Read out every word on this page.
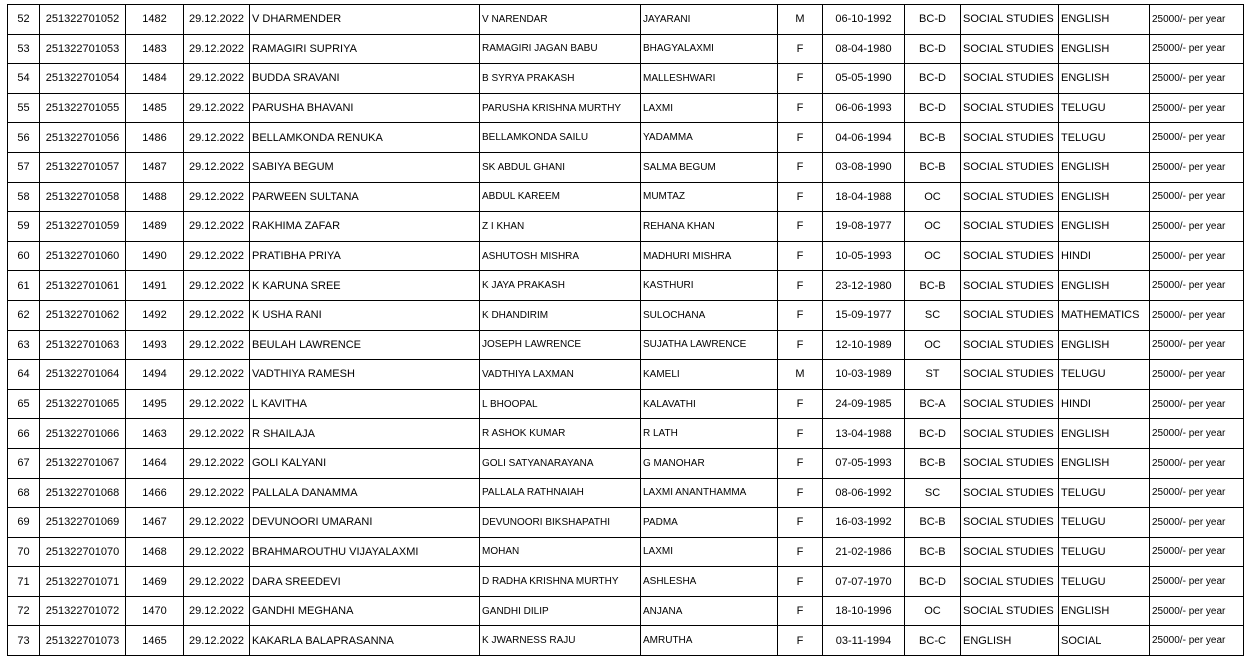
52	251322701052	1482	29.12.2022	V DHARMENDER	V NARENDAR	JAYARANI	M	06-10-1992	BC-D	SOCIAL STUDIES	ENGLISH	25000/- per year
53	251322701053	1483	29.12.2022	RAMAGIRI SUPRIYA	RAMAGIRI JAGAN BABU	BHAGYALAXMI	F	08-04-1980	BC-D	SOCIAL STUDIES	ENGLISH	25000/- per year
54	251322701054	1484	29.12.2022	BUDDA SRAVANI	B SYRYA PRAKASH	MALLESHWARI	F	05-05-1990	BC-D	SOCIAL STUDIES	ENGLISH	25000/- per year
55	251322701055	1485	29.12.2022	PARUSHA BHAVANI	PARUSHA KRISHNA MURTHY	LAXMI	F	06-06-1993	BC-D	SOCIAL STUDIES	TELUGU	25000/- per year
56	251322701056	1486	29.12.2022	BELLAMKONDA RENUKA	BELLAMKONDA SAILU	YADAMMA	F	04-06-1994	BC-B	SOCIAL STUDIES	TELUGU	25000/- per year
57	251322701057	1487	29.12.2022	SABIYA BEGUM	SK ABDUL GHANI	SALMA BEGUM	F	03-08-1990	BC-B	SOCIAL STUDIES	ENGLISH	25000/- per year
58	251322701058	1488	29.12.2022	PARWEEN SULTANA	ABDUL KAREEM	MUMTAZ	F	18-04-1988	OC	SOCIAL STUDIES	ENGLISH	25000/- per year
59	251322701059	1489	29.12.2022	RAKHIMA ZAFAR	Z I KHAN	REHANA KHAN	F	19-08-1977	OC	SOCIAL STUDIES	ENGLISH	25000/- per year
60	251322701060	1490	29.12.2022	PRATIBHA PRIYA	ASHUTOSH MISHRA	MADHURI MISHRA	F	10-05-1993	OC	SOCIAL STUDIES	HINDI	25000/- per year
61	251322701061	1491	29.12.2022	K KARUNA SREE	K JAYA PRAKASH	KASTHURI	F	23-12-1980	BC-B	SOCIAL STUDIES	ENGLISH	25000/- per year
62	251322701062	1492	29.12.2022	K USHA RANI	K DHANDIRIM	SULOCHANA	F	15-09-1977	SC	SOCIAL STUDIES	MATHEMATICS	25000/- per year
63	251322701063	1493	29.12.2022	BEULAH LAWRENCE	JOSEPH LAWRENCE	SUJATHA LAWRENCE	F	12-10-1989	OC	SOCIAL STUDIES	ENGLISH	25000/- per year
64	251322701064	1494	29.12.2022	VADTHIYA RAMESH	VADTHIYA LAXMAN	KAMELI	M	10-03-1989	ST	SOCIAL STUDIES	TELUGU	25000/- per year
65	251322701065	1495	29.12.2022	L KAVITHA	L BHOOPAL	KALAVATHI	F	24-09-1985	BC-A	SOCIAL STUDIES	HINDI	25000/- per year
66	251322701066	1463	29.12.2022	R SHAILAJA	R ASHOK KUMAR	R LATH	F	13-04-1988	BC-D	SOCIAL STUDIES	ENGLISH	25000/- per year
67	251322701067	1464	29.12.2022	GOLI KALYANI	GOLI SATYANARAYANA	G MANOHAR	F	07-05-1993	BC-B	SOCIAL STUDIES	ENGLISH	25000/- per year
68	251322701068	1466	29.12.2022	PALLALA DANAMMA	PALLALA RATHNAIAH	LAXMI ANANTHAMMA	F	08-06-1992	SC	SOCIAL STUDIES	TELUGU	25000/- per year
69	251322701069	1467	29.12.2022	DEVUNOORI UMARANI	DEVUNOORI BIKSHAPATHI	PADMA	F	16-03-1992	BC-B	SOCIAL STUDIES	TELUGU	25000/- per year
70	251322701070	1468	29.12.2022	BRAHMAROUTHU VIJAYALAXMI	MOHAN	LAXMI	F	21-02-1986	BC-B	SOCIAL STUDIES	TELUGU	25000/- per year
71	251322701071	1469	29.12.2022	DARA SREEDEVI	D RADHA KRISHNA MURTHY	ASHLESHA	F	07-07-1970	BC-D	SOCIAL STUDIES	TELUGU	25000/- per year
72	251322701072	1470	29.12.2022	GANDHI MEGHANA	GANDHI DILIP	ANJANA	F	18-10-1996	OC	SOCIAL STUDIES	ENGLISH	25000/- per year
73	251322701073	1465	29.12.2022	KAKARLA BALAPRASANNA	K JWARNESS RAJU	AMRUTHA	F	03-11-1994	BC-C	ENGLISH	SOCIAL	25000/- per year
